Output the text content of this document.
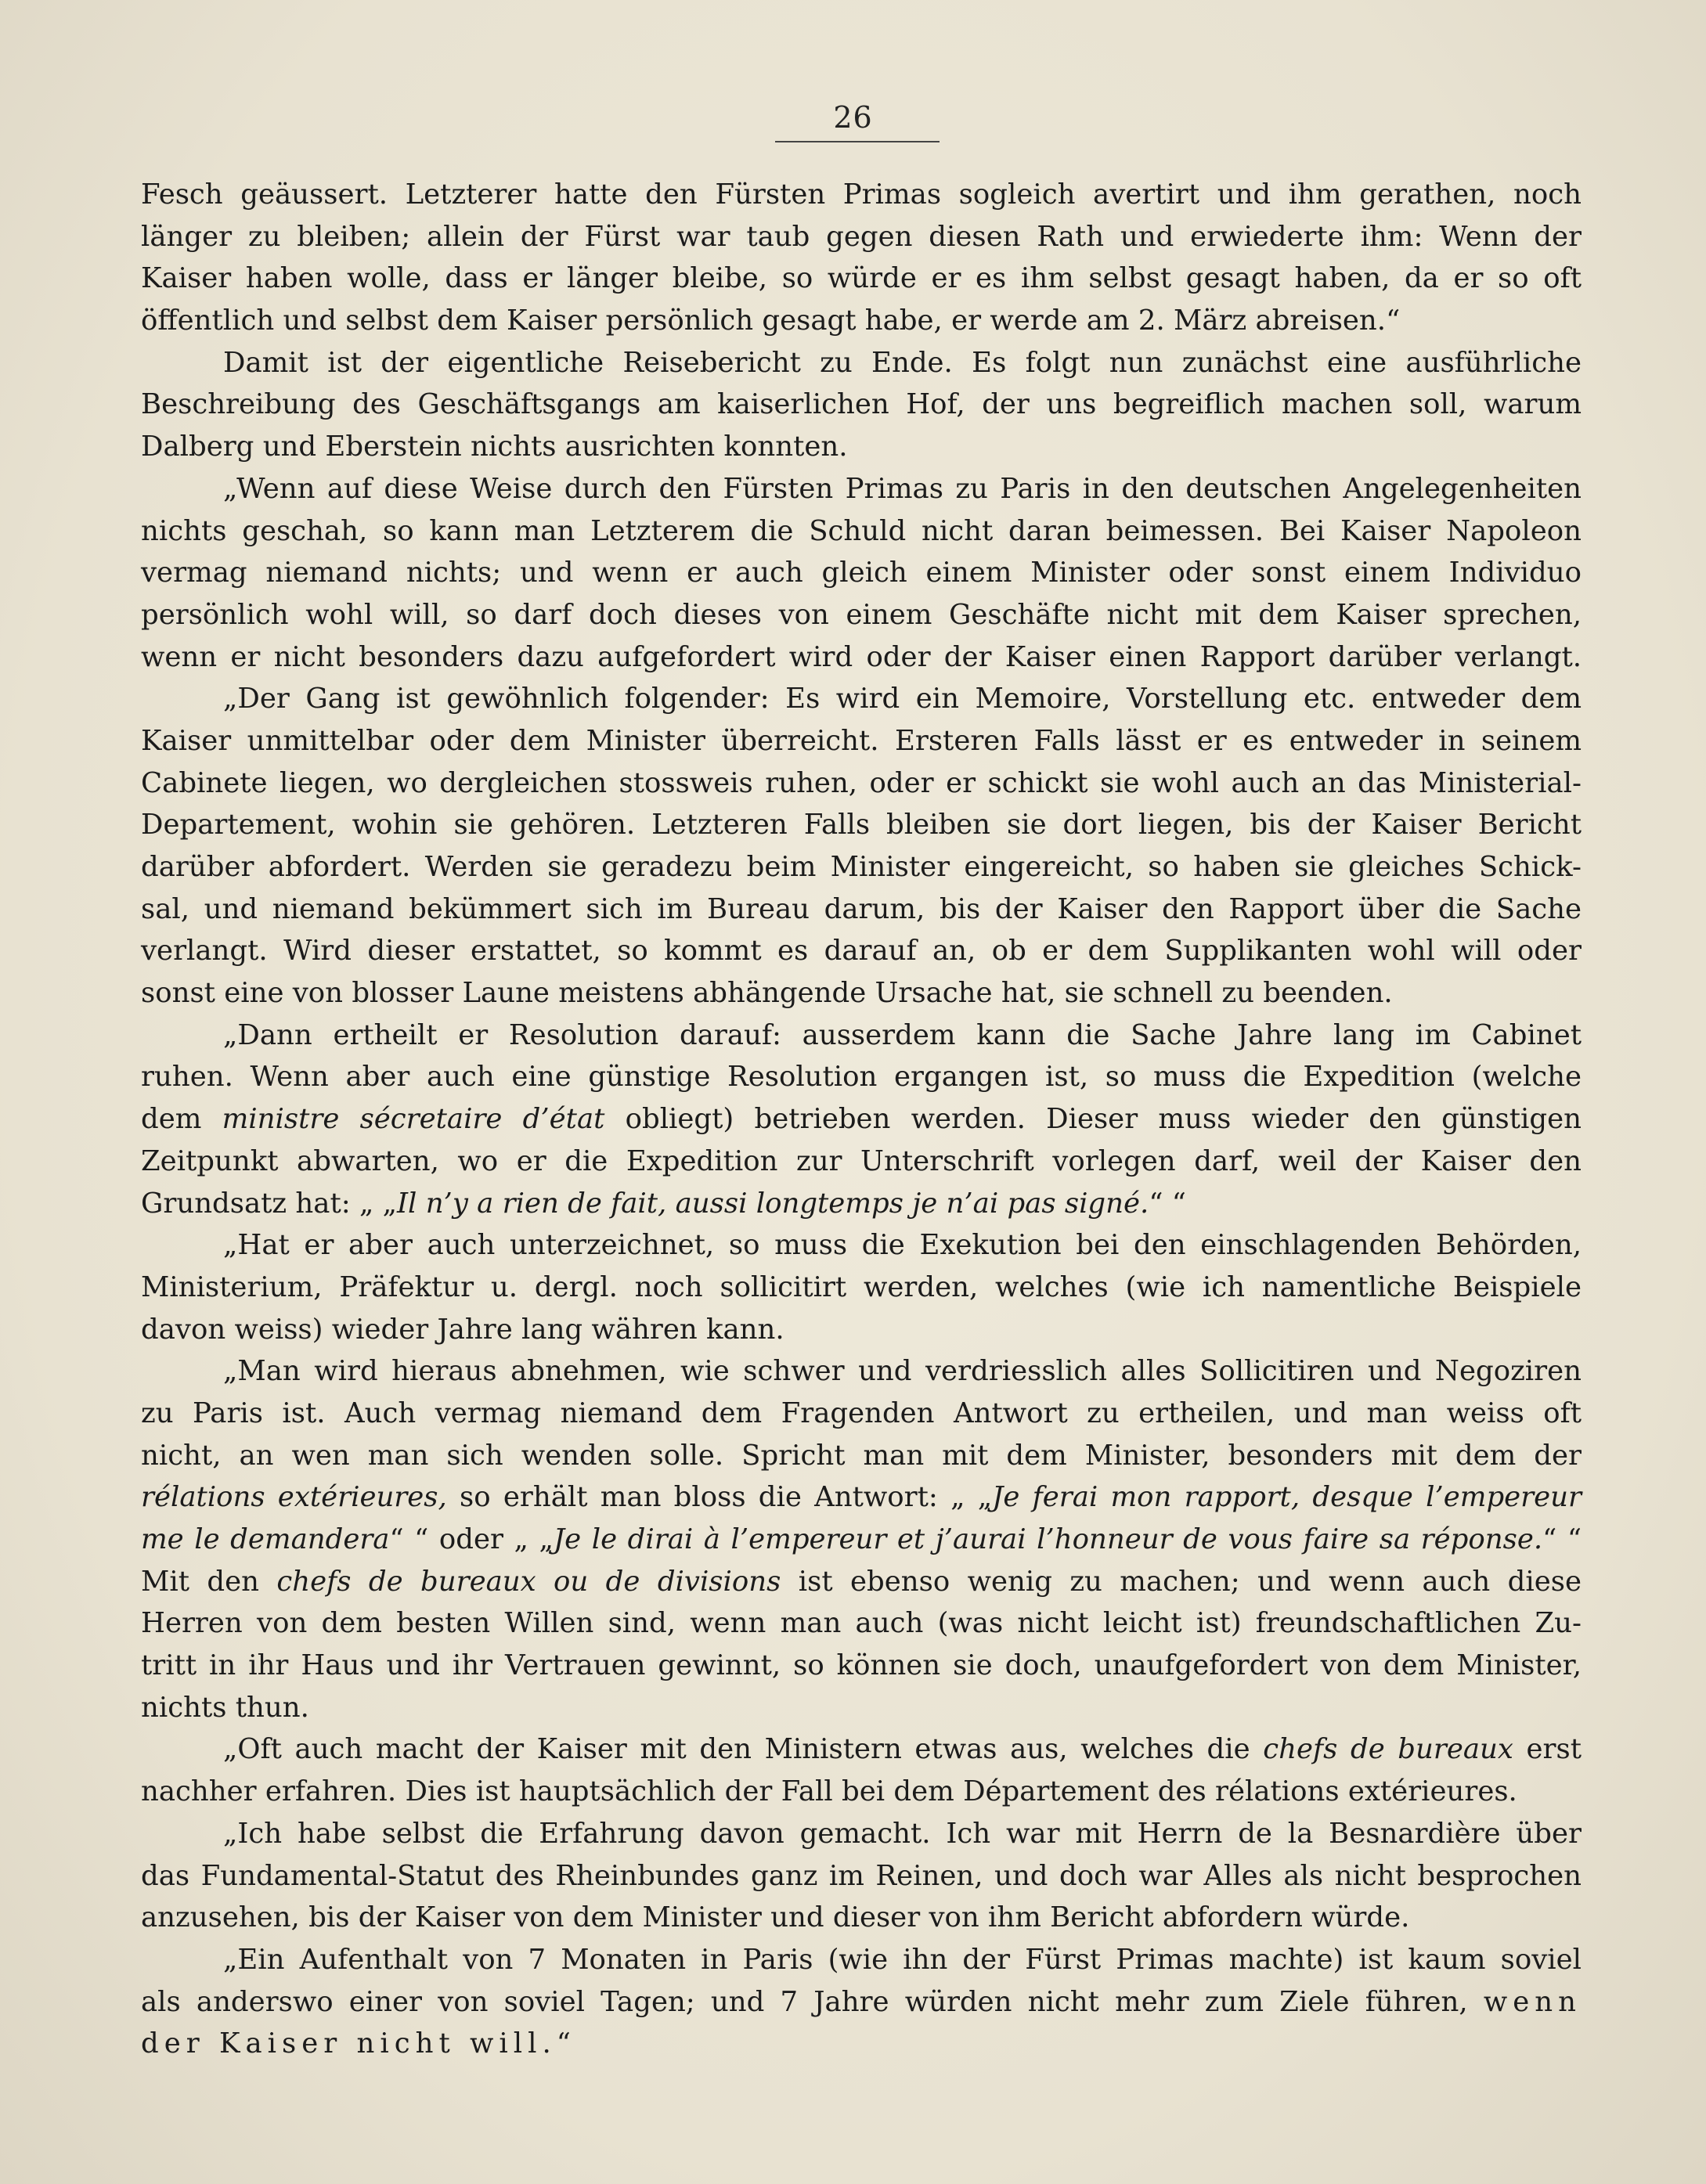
26
Fesch geäussert. Letzterer hatte den Fürsten Primas sogleich avertirt und ihm gerathen, noch
länger zu bleiben; allein der Fürst war taub gegen diesen Rath und erwiederte ihm: Wenn der
Kaiser haben wolle, dass er länger bleibe, so würde er es ihm selbst gesagt haben, da er so oft
öffentlich und selbst dem Kaiser persönlich gesagt habe, er werde am 2. März abreisen.“
Damit ist der eigentliche Reisebericht zu Ende. Es folgt nun zunächst eine ausführliche
Beschreibung des Geschäftsgangs am kaiserlichen Hof, der uns begreiflich machen soll, warum
Dalberg und Eberstein nichts ausrichten konnten.
„Wenn auf diese Weise durch den Fürsten Primas zu Paris in den deutschen Angelegenheiten
nichts geschah, so kann man Letzterem die Schuld nicht daran beimessen. Bei Kaiser Napoleon
vermag niemand nichts; und wenn er auch gleich einem Minister oder sonst einem Individuo
persönlich wohl will, so darf doch dieses von einem Geschäfte nicht mit dem Kaiser sprechen,
wenn er nicht besonders dazu aufgefordert wird oder der Kaiser einen Rapport darüber verlangt.
„Der Gang ist gewöhnlich folgender: Es wird ein Memoire, Vorstellung etc. entweder dem
Kaiser unmittelbar oder dem Minister überreicht. Ersteren Falls lässt er es entweder in seinem
Cabinete liegen, wo dergleichen stossweis ruhen, oder er schickt sie wohl auch an das Ministerial-
Departement, wohin sie gehören. Letzteren Falls bleiben sie dort liegen, bis der Kaiser Bericht
darüber abfordert. Werden sie geradezu beim Minister eingereicht, so haben sie gleiches Schick-
sal, und niemand bekümmert sich im Bureau darum, bis der Kaiser den Rapport über die Sache
verlangt. Wird dieser erstattet, so kommt es darauf an, ob er dem Supplikanten wohl will oder
sonst eine von blosser Laune meistens abhängende Ursache hat, sie schnell zu beenden.
„Dann ertheilt er Resolution darauf: ausserdem kann die Sache Jahre lang im Cabinet
ruhen. Wenn aber auch eine günstige Resolution ergangen ist, so muss die Expedition (welche
dem ministre sécretaire d’état obliegt) betrieben werden. Dieser muss wieder den günstigen
Zeitpunkt abwarten, wo er die Expedition zur Unterschrift vorlegen darf, weil der Kaiser den
Grundsatz hat: „ „Il n’y a rien de fait, aussi longtemps je n’ai pas signé.“ “
„Hat er aber auch unterzeichnet, so muss die Exekution bei den einschlagenden Behörden,
Ministerium, Präfektur u. dergl. noch sollicitirt werden, welches (wie ich namentliche Beispiele
davon weiss) wieder Jahre lang währen kann.
„Man wird hieraus abnehmen, wie schwer und verdriesslich alles Sollicitiren und Negoziren
zu Paris ist. Auch vermag niemand dem Fragenden Antwort zu ertheilen, und man weiss oft
nicht, an wen man sich wenden solle. Spricht man mit dem Minister, besonders mit dem der
rélations extérieures, so erhält man bloss die Antwort: „ „Je ferai mon rapport, desque l’empereur
me le demandera“ “ oder „ „Je le dirai à l’empereur et j’aurai l’honneur de vous faire sa réponse.“ “
Mit den chefs de bureaux ou de divisions ist ebenso wenig zu machen; und wenn auch diese
Herren von dem besten Willen sind, wenn man auch (was nicht leicht ist) freundschaftlichen Zu-
tritt in ihr Haus und ihr Vertrauen gewinnt, so können sie doch, unaufgefordert von dem Minister,
nichts thun.
„Oft auch macht der Kaiser mit den Ministern etwas aus, welches die chefs de bureaux erst
nachher erfahren. Dies ist hauptsächlich der Fall bei dem Département des rélations extérieures.
„Ich habe selbst die Erfahrung davon gemacht. Ich war mit Herrn de la Besnardière über
das Fundamental-Statut des Rheinbundes ganz im Reinen, und doch war Alles als nicht besprochen
anzusehen, bis der Kaiser von dem Minister und dieser von ihm Bericht abfordern würde.
„Ein Aufenthalt von 7 Monaten in Paris (wie ihn der Fürst Primas machte) ist kaum soviel
als anderswo einer von soviel Tagen; und 7 Jahre würden nicht mehr zum Ziele führen, wenn
der Kaiser nicht will.“
